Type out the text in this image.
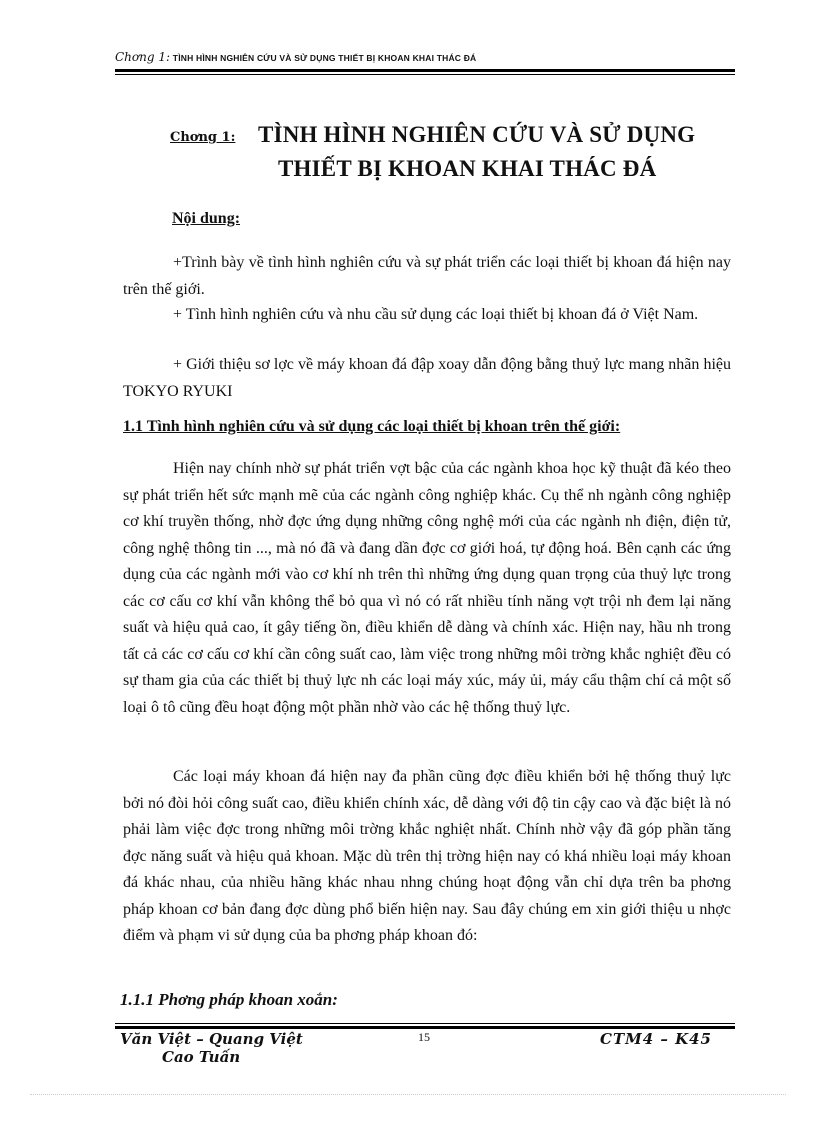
Chơng 1: TÌNH HÌNH NGHIÊN CỨU VÀ SỬ DỤNG THIẾT BỊ KHOAN KHAI THÁC ĐÁ
Chơng 1: TÌNH HÌNH NGHIÊN CỨU VÀ SỬ DỤNG
THIẾT BỊ KHOAN KHAI THÁC ĐÁ
Nội dung:

+Trình bày về tình hình nghiên cứu và sự phát triển các loại thiết bị khoan đá hiện nay trên thế giới.

+ Tình hình nghiên cứu và nhu cầu sử dụng các loại thiết bị khoan đá ở Việt Nam.

+ Giới thiệu sơ lợc về máy khoan đá đập xoay dẫn động bằng thuỷ lực mang nhãn hiệu TOKYO RYUKI

1.1 Tình hình nghiên cứu và sử dụng các loại thiết bị khoan trên thế giới:

Hiện nay chính nhờ sự phát triển vợt bậc của các ngành khoa học kỹ thuật đã kéo theo sự phát triển hết sức mạnh mẽ của các ngành công nghiệp khác. Cụ thể nh ngành công nghiệp cơ khí truyền thống, nhờ đợc ứng dụng những công nghệ mới của các ngành nh điện, điện tử, công nghệ thông tin ..., mà nó đã và đang dần đợc cơ giới hoá, tự động hoá. Bên cạnh các ứng dụng của các ngành mới vào cơ khí nh trên thì những ứng dụng quan trọng của thuỷ lực trong các cơ cấu cơ khí vẫn không thể bỏ qua vì nó có rất nhiều tính năng vợt trội nh đem lại năng suất và hiệu quả cao, ít gây tiếng ồn, điều khiển dễ dàng và chính xác. Hiện nay, hầu nh trong tất cả các cơ cấu cơ khí cần công suất cao, làm việc trong những môi trờng khắc nghiệt đều có sự tham gia của các thiết bị thuỷ lực nh các loại máy xúc, máy ủi, máy cẩu thậm chí cả một số loại ô tô cũng đều hoạt động một phần nhờ vào các hệ thống thuỷ lực.

Các loại máy khoan đá hiện nay đa phần cũng đợc điều khiển bởi hệ thống thuỷ lực bởi nó đòi hỏi công suất cao, điều khiển chính xác, dễ dàng với độ tin cậy cao và đặc biệt là nó phải làm việc đợc trong những môi trờng khắc nghiệt nhất. Chính nhờ vậy đã góp phần tăng đợc năng suất và hiệu quả khoan. Mặc dù trên thị trờng hiện nay có khá nhiều loại máy khoan đá khác nhau, của nhiều hãng khác nhau nhng chúng hoạt động vẫn chỉ dựa trên ba phơng pháp khoan cơ bản đang đợc dùng phổ biến hiện nay. Sau đây chúng em xin giới thiệu u nhợc điểm và phạm vi sử dụng của ba phơng pháp khoan đó:

1.1.1 Phơng pháp khoan xoắn:
Văn Việt – Quang Việt
Cao Tuấn
15	CTM4 – K45
